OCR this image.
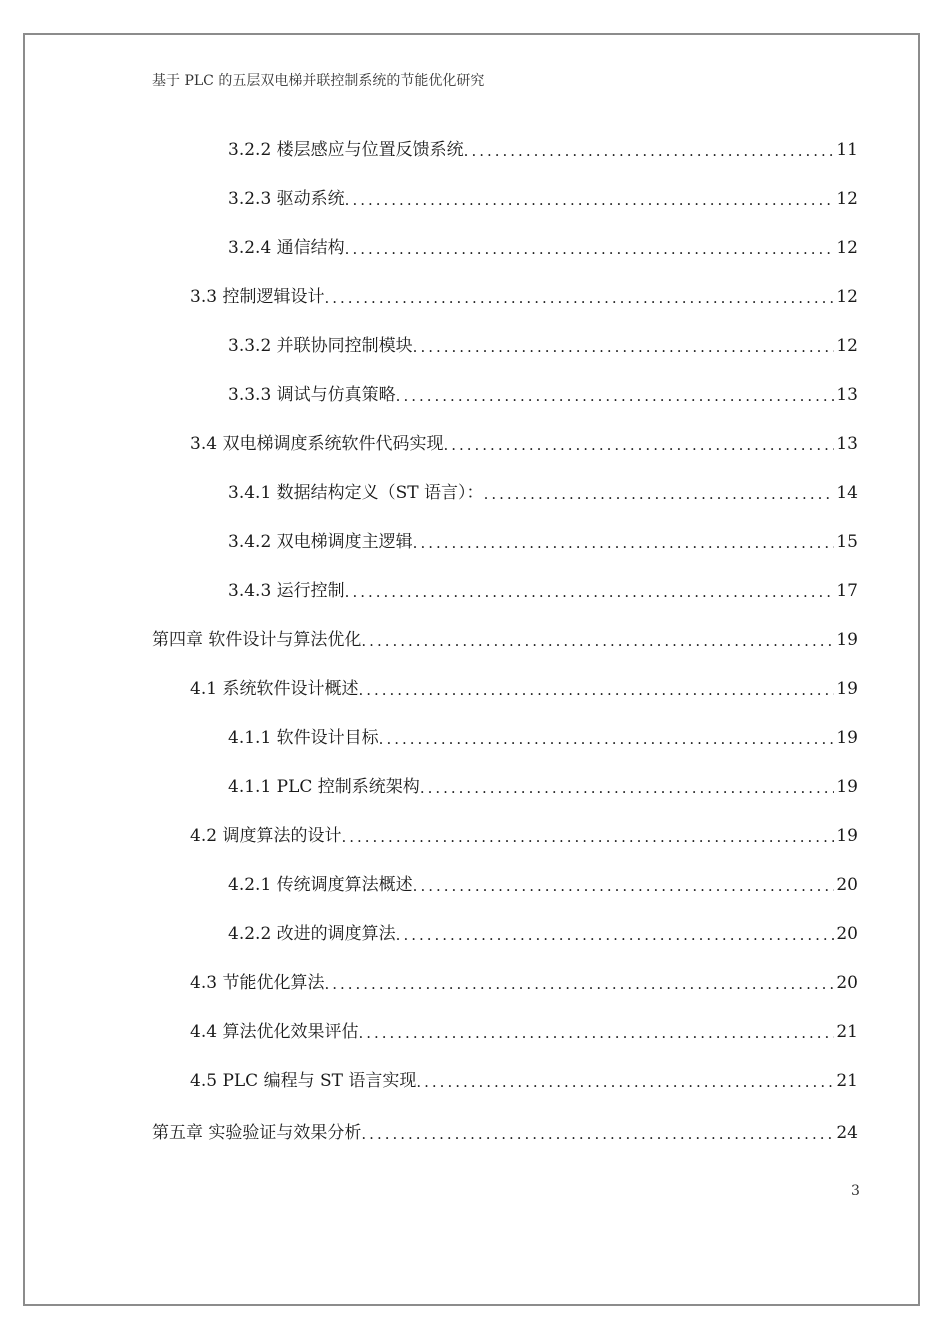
基于 PLC 的五层双电梯并联控制系统的节能优化研究
3.2.2 楼层感应与位置反馈系统 .....	11
3.2.3 驱动系统 .....	12
3.2.4 通信结构 .....	12
3.3 控制逻辑设计 .....	12
3.3.2 并联协同控制模块 .....	12
3.3.3 调试与仿真策略 .....	13
3.4 双电梯调度系统软件代码实现 .....	13
3.4.1 数据结构定义（ST 语言）： .....	14
3.4.2 双电梯调度主逻辑 .....	15
3.4.3 运行控制 .....	17
第四章 软件设计与算法优化 .....	19
4.1 系统软件设计概述 .....	19
4.1.1 软件设计目标 .....	19
4.1.1 PLC 控制系统架构 .....	19
4.2 调度算法的设计 .....	19
4.2.1 传统调度算法概述 .....	20
4.2.2 改进的调度算法 .....	20
4.3 节能优化算法 .....	20
4.4 算法优化效果评估 .....	21
4.5 PLC 编程与 ST 语言实现 .....	21
第五章 实验验证与效果分析 .....	24
3
